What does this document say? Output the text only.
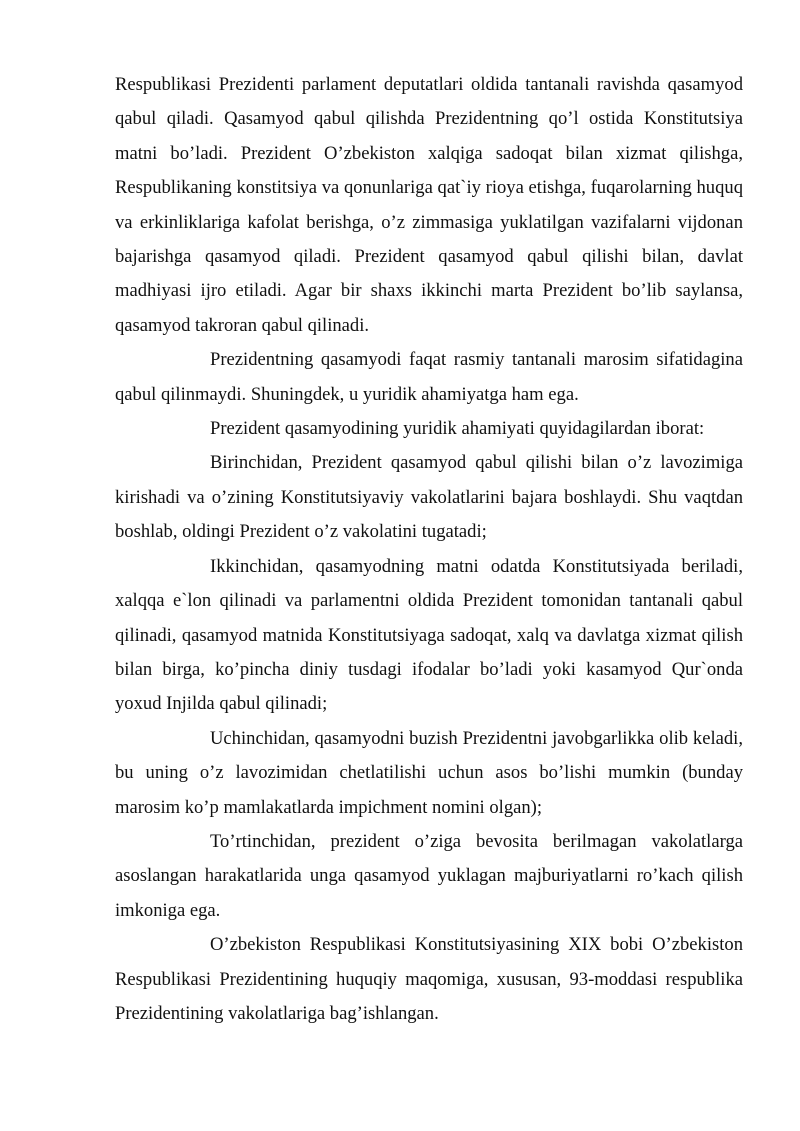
Respublikasi Prezidenti parlament deputatlari oldida tantanali ravishda qasamyod qabul qiladi. Qasamyod qabul qilishda Prezidentning qo’l ostida Konstitutsiya matni bo’ladi. Prezident O’zbekiston xalqiga sadoqat bilan xizmat qilishga, Respublikaning konstitsiya va qonunlariga qat`iy rioya etishga, fuqarolarning huquq va erkinliklariga kafolat berishga, o’z zimmasiga yuklatilgan vazifalarni vijdonan bajarishga qasamyod qiladi. Prezident qasamyod qabul qilishi bilan, davlat madhiyasi ijro etiladi. Agar bir shaxs ikkinchi marta Prezident bo’lib saylansa, qasamyod takroran qabul qilinadi.

Prezidentning qasamyodi faqat rasmiy tantanali marosim sifatidagina qabul qilinmaydi. Shuningdek, u yuridik ahamiyatga ham ega.

Prezident qasamyodining yuridik ahamiyati quyidagilardan iborat:

Birinchidan, Prezident qasamyod qabul qilishi bilan o’z lavozimiga kirishadi va o’zining Konstitutsiyaviy vakolatlarini bajara boshlaydi. Shu vaqtdan boshlab, oldingi Prezident o’z vakolatini tugatadi;

Ikkinchidan, qasamyodning matni odatda Konstitutsiyada beriladi, xalqqa e`lon qilinadi va parlamentni oldida Prezident tomonidan tantanali qabul qilinadi, qasamyod matnida Konstitutsiyaga sadoqat, xalq va davlatga xizmat qilish bilan birga, ko’pincha diniy tusdagi ifodalar bo’ladi yoki kasamyod Qur`onda yoxud Injilda qabul qilinadi;

Uchinchidan, qasamyodni buzish Prezidentni javobgarlikka olib keladi, bu uning o’z lavozimidan chetlatilishi uchun asos bo’lishi mumkin (bunday marosim ko’p mamlakatlarda impichment nomini olgan);

To’rtinchidan, prezident o’ziga bevosita berilmagan vakolatlarga asoslangan harakatlarida unga qasamyod yuklagan majburiyatlarni ro’kach qilish imkoniga ega.

O’zbekiston Respublikasi Konstitutsiyasining XIX bobi O’zbekiston Respublikasi Prezidentining huquqiy maqomiga, xususan, 93-moddasi respublika Prezidentining vakolatlariga bag’ishlangan.
